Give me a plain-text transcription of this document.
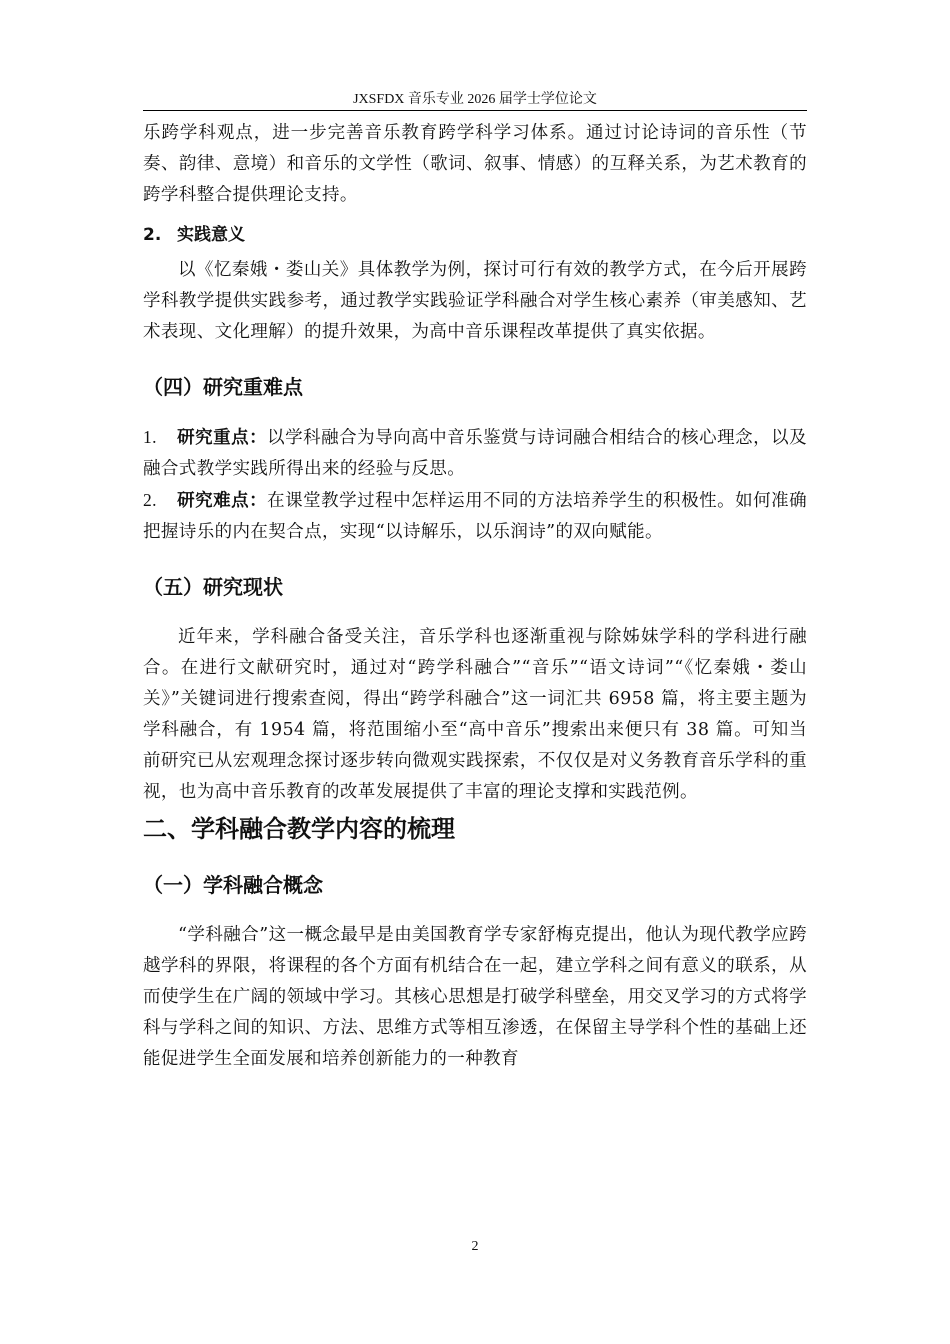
JXSFDX 音乐专业 2026 届学士学位论文

乐跨学科观点，进一步完善音乐教育跨学科学习体系。通过讨论诗词的音乐性（节奏、韵律、意境）和音乐的文学性（歌词、叙事、情感）的互释关系，为艺术教育的跨学科整合提供理论支持。

2. 实践意义

以《忆秦娥・娄山关》具体教学为例，探讨可行有效的教学方式，在今后开展跨学科教学提供实践参考，通过教学实践验证学科融合对学生核心素养（审美感知、艺术表现、文化理解）的提升效果，为高中音乐课程改革提供了真实依据。

（四）研究重难点

1. 研究重点：以学科融合为导向高中音乐鉴赏与诗词融合相结合的核心理念，以及融合式教学实践所得出来的经验与反思。

2. 研究难点：在课堂教学过程中怎样运用不同的方法培养学生的积极性。如何准确把握诗乐的内在契合点，实现“以诗解乐，以乐润诗”的双向赋能。

（五）研究现状

近年来，学科融合备受关注，音乐学科也逐渐重视与除姊妹学科的学科进行融合。在进行文献研究时，通过对“跨学科融合”“音乐”“语文诗词”“《忆秦娥・娄山关》”关键词进行搜索查阅，得出“跨学科融合”这一词汇共 6958 篇，将主要主题为学科融合，有 1954 篇，将范围缩小至“高中音乐”搜索出来便只有 38 篇。可知当前研究已从宏观理念探讨逐步转向微观实践探索，不仅仅是对义务教育音乐学科的重视，也为高中音乐教育的改革发展提供了丰富的理论支撑和实践范例。

二、学科融合教学内容的梳理
（一）学科融合概念

“学科融合”这一概念最早是由美国教育学专家舒梅克提出，他认为现代教学应跨越学科的界限，将课程的各个方面有机结合在一起，建立学科之间有意义的联系，从而使学生在广阔的领域中学习。其核心思想是打破学科壁垒，用交叉学习的方式将学科与学科之间的知识、方法、思维方式等相互渗透，在保留主导学科个性的基础上还能促进学生全面发展和培养创新能力的一种教育

2
